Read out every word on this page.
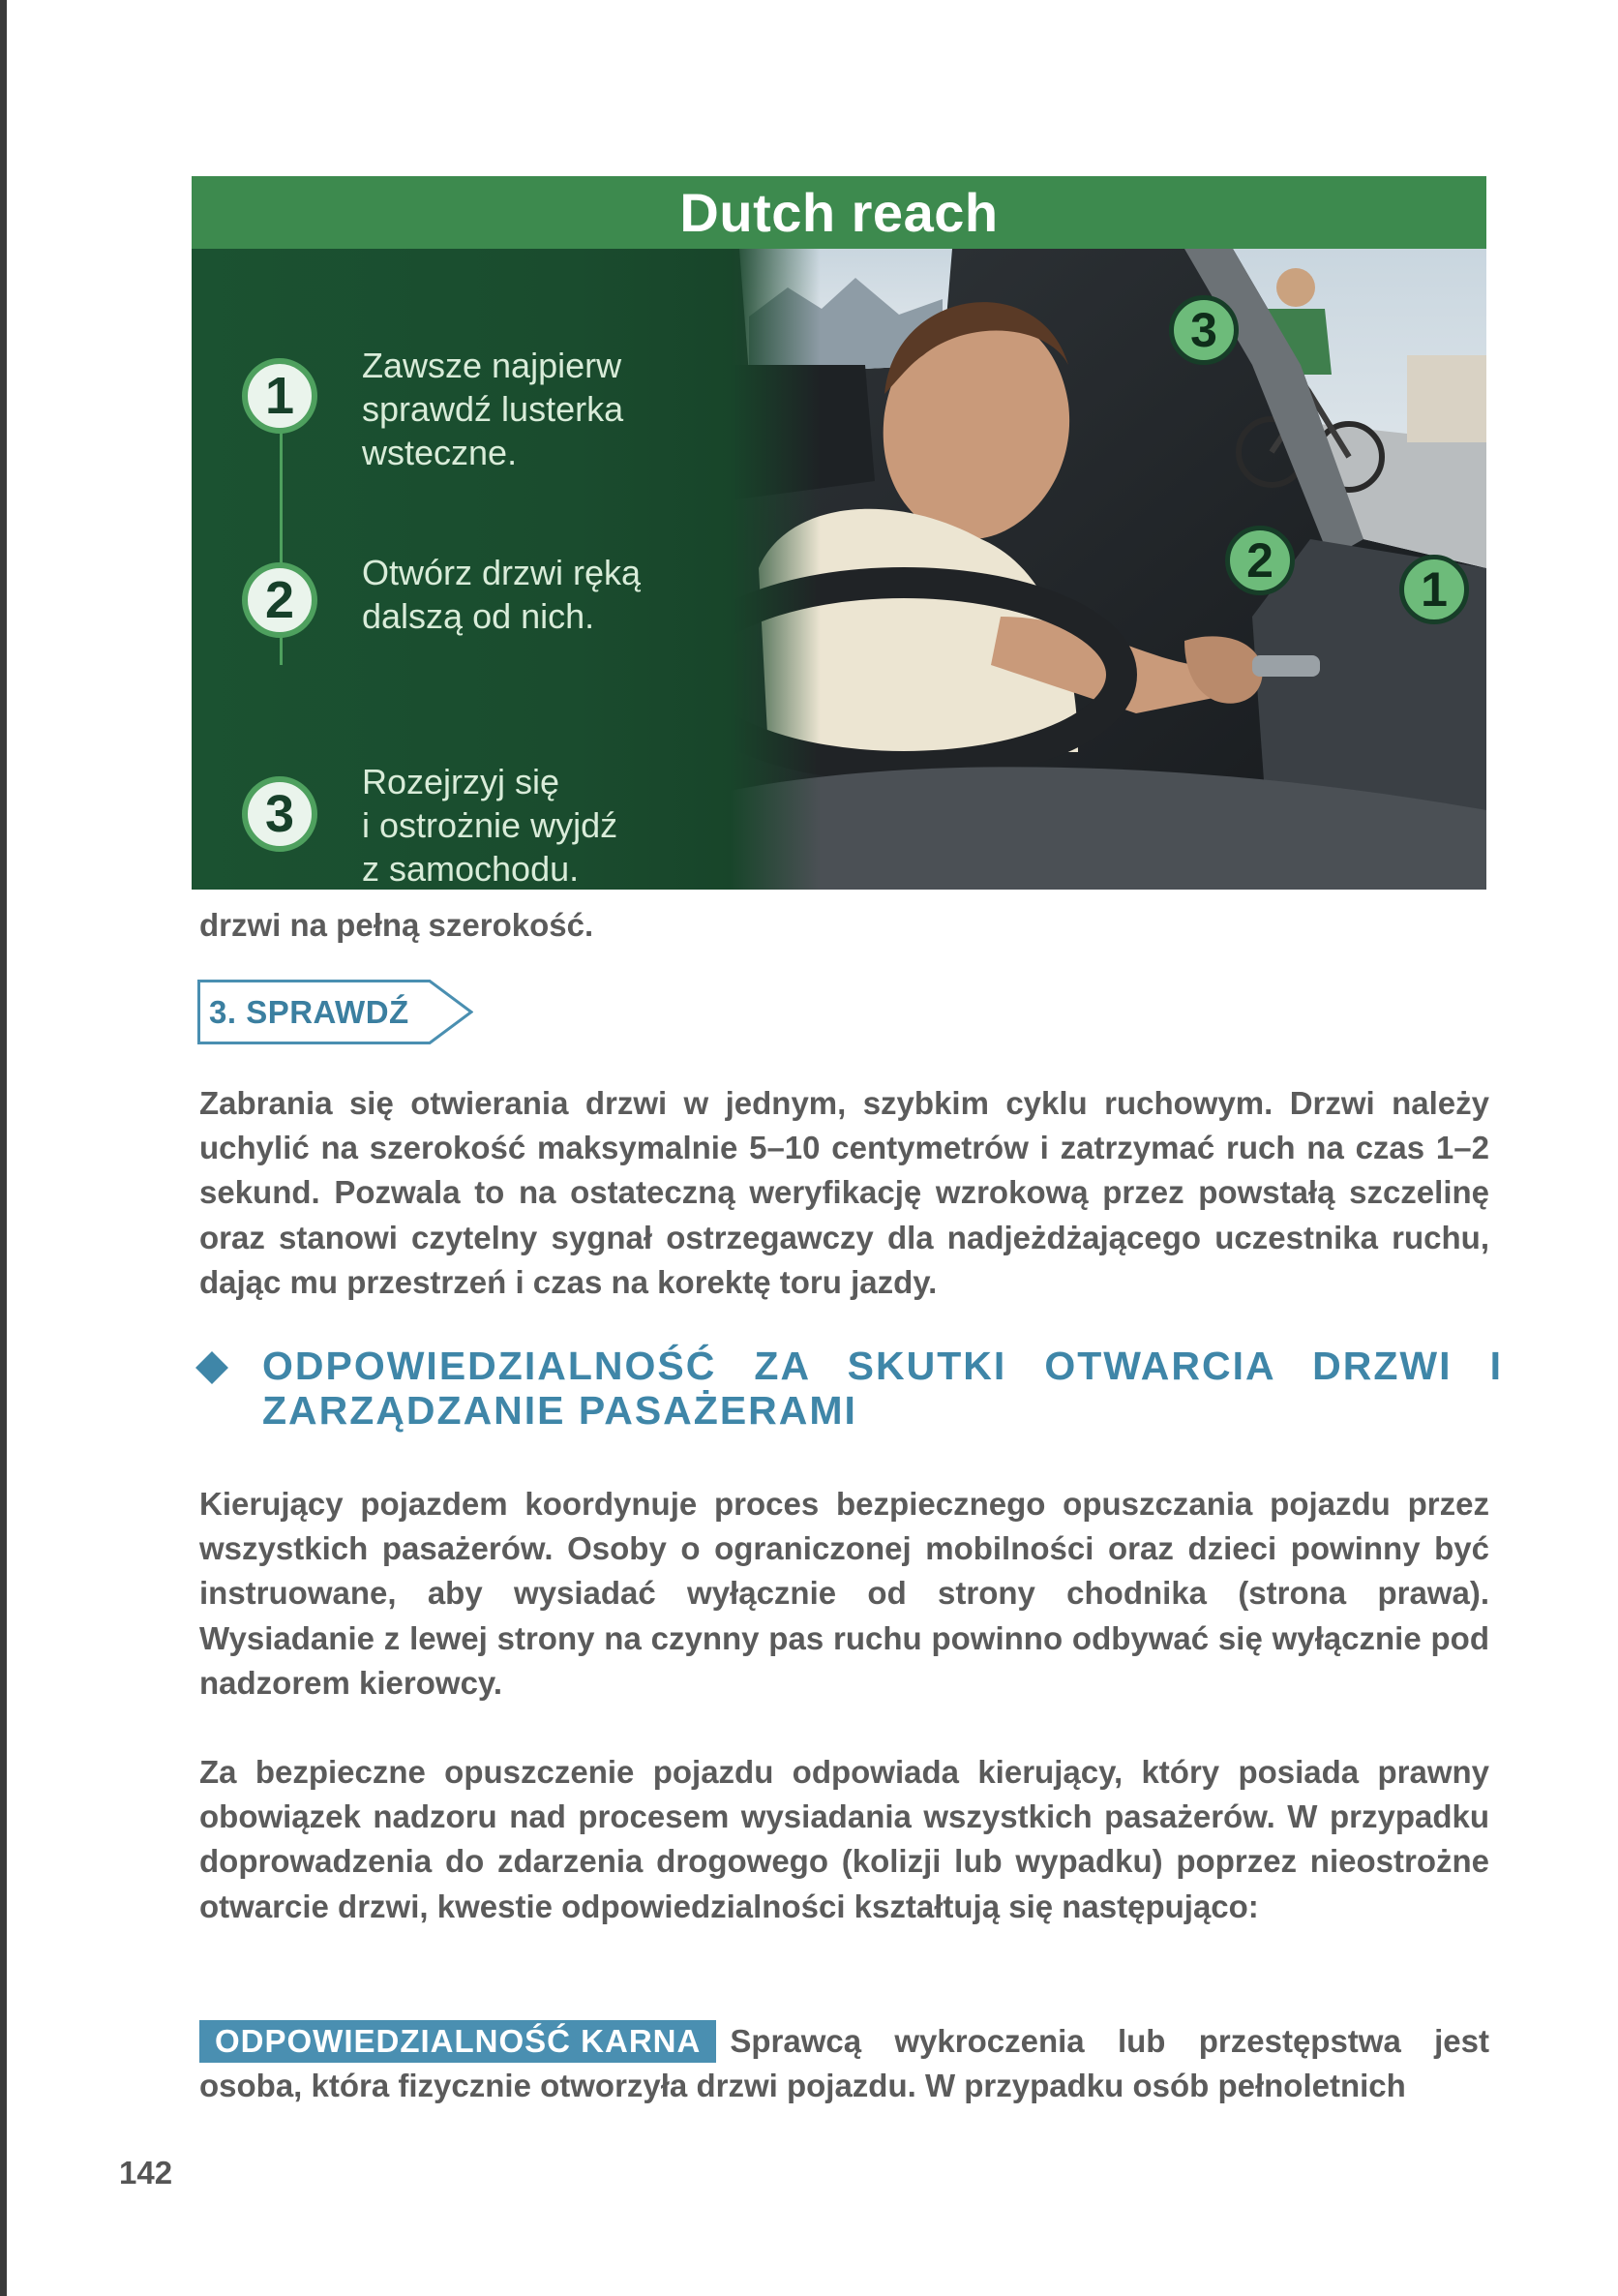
Dutch reach
1
Zawsze najpierw
sprawdź lusterka
wsteczne.
2	Otwórz drzwi ręką
dalszą od nich.
3
Rozejrzyj się
i ostrożnie wyjdź
z samochodu.
3
2
1

drzwi na pełną szerokość.

3. SPRAWDŹ

Zabrania się otwierania drzwi w jednym, szybkim cyklu ruchowym. Drzwi należy uchylić na szerokość maksymalnie 5–10 centymetrów i zatrzymać ruch na czas 1–2 sekund. Pozwala to na ostateczną weryfikację wzrokową przez powstałą szczelinę oraz stanowi czytelny sygnał ostrzegawczy dla nadjeżdżającego uczestnika ruchu, dając mu przestrzeń i czas na korektę toru jazdy.

ODPOWIEDZIALNOŚĆ ZA SKUTKI OTWARCIA DRZWI I ZARZĄDZANIE PASAŻERAMI

Kierujący pojazdem koordynuje proces bezpiecznego opuszczania pojazdu przez wszystkich pasażerów. Osoby o ograniczonej mobilności oraz dzieci powinny być instruowane, aby wysiadać wyłącznie od strony chodnika (strona prawa). Wysiadanie z lewej strony na czynny pas ruchu powinno odbywać się wyłącznie pod nadzorem kierowcy.

Za bezpieczne opuszczenie pojazdu odpowiada kierujący, który posiada prawny obowiązek nadzoru nad procesem wysiadania wszystkich pasażerów. W przypadku doprowadzenia do zdarzenia drogowego (kolizji lub wypadku) poprzez nieostrożne otwarcie drzwi, kwestie odpowiedzialności kształtują się następująco:

ODPOWIEDZIALNOŚĆ KARNA Sprawcą wykroczenia lub przestępstwa jest osoba, która fizycznie otworzyła drzwi pojazdu. W przypadku osób pełnoletnich

142
